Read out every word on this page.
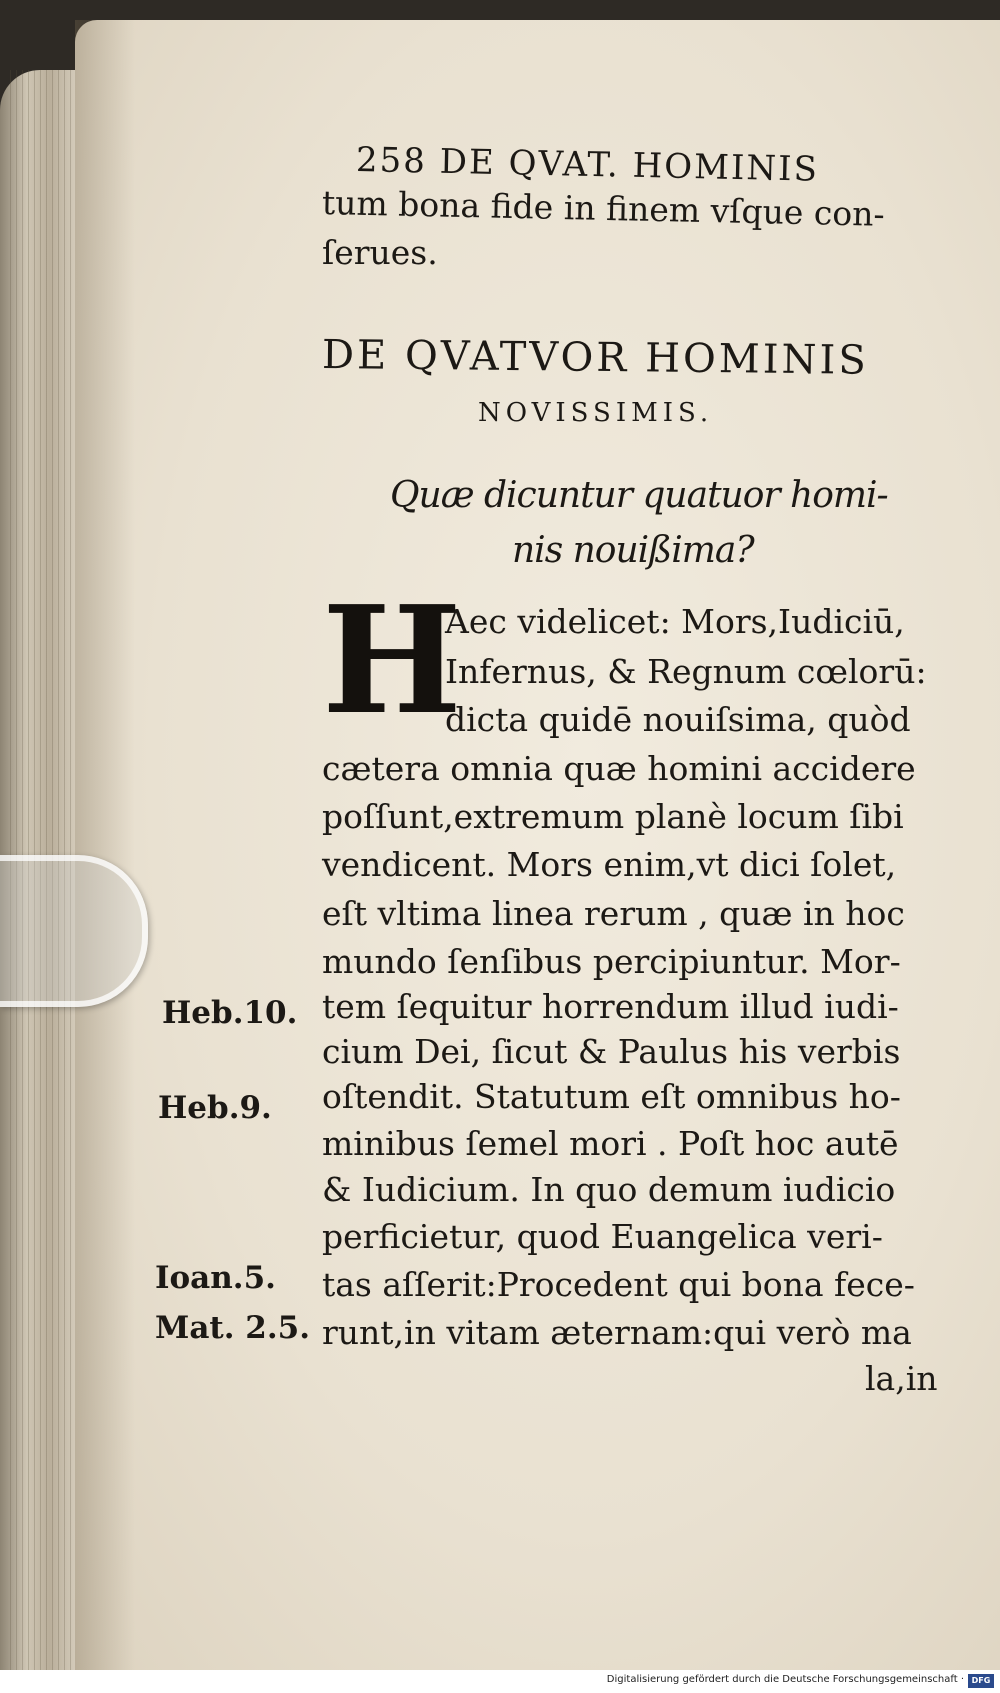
258 DE QVAT. HOMINIS
tum bona fide in finem vſque con-
ſerues.
DE QVATVOR HOMINIS
NOVISSIMIS.
Quæ dicuntur quatuor homi-
nis nouißima?
H
Aec videlicet: Mors,Iudiciū,
Infernus, & Regnum cœlorū:
dicta quidē nouiſsima, quòd
cætera omnia quæ homini accidere
poſſunt,extremum planè locum ſibi
vendicent. Mors enim,vt dici ſolet,
eſt vltima linea rerum , quæ in hoc
mundo ſenſibus percipiuntur. Mor-
tem ſequitur horrendum illud iudi-
cium Dei, ſicut & Paulus his verbis
oſtendit. Statutum eſt omnibus ho-
minibus ſemel mori . Poſt hoc autē
& Iudicium. In quo demum iudicio
perficietur, quod Euangelica veri-
tas aſſerit:Procedent qui bona fece-
runt,in vitam æternam:qui verò ma
la,in
Heb.10.
Heb.9.
Ioan.5.
Mat. 2.5.
Digitalisierung gefördert durch die Deutsche Forschungsgemeinschaft · DFG
